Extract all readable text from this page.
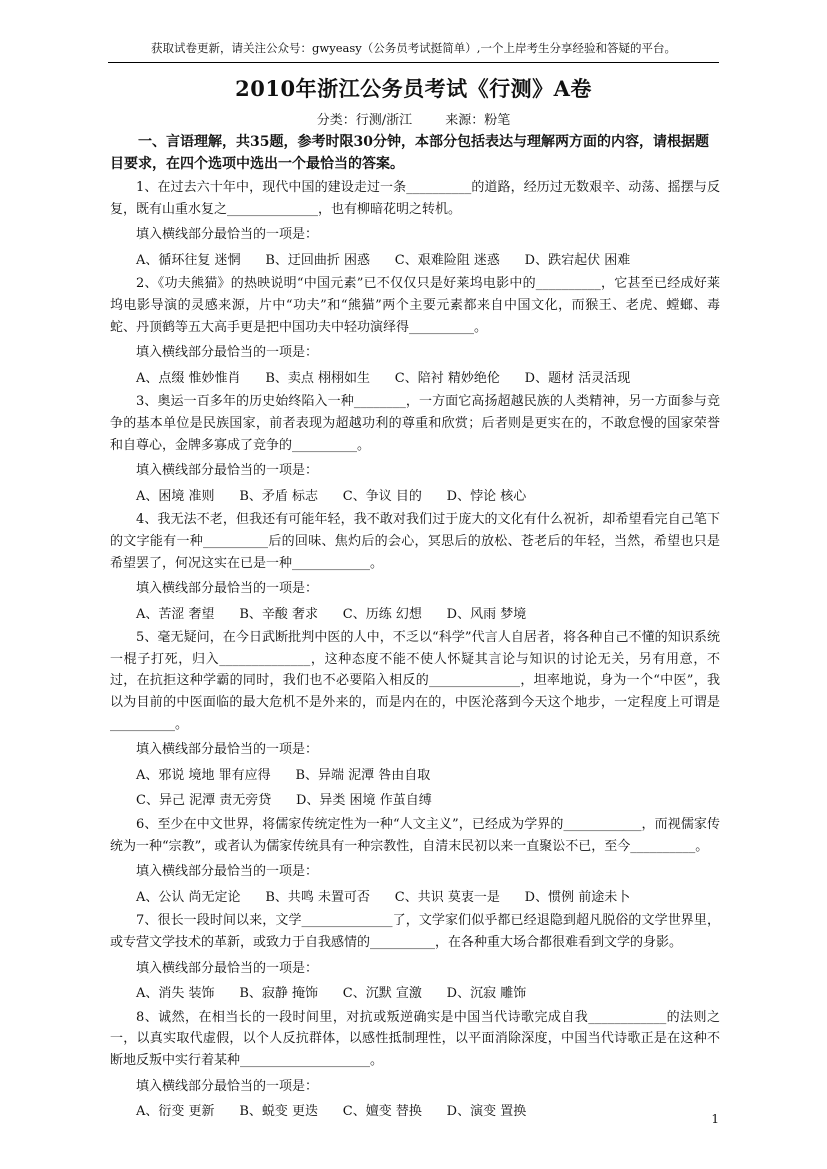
获取试卷更新，请关注公众号：gwyeasy（公务员考试挺简单）,一个上岸考生分享经验和答疑的平台。
2010年浙江公务员考试《行测》A卷
分类：行测/浙江        来源：粉笔

一、言语理解，共35题，参考时限30分钟，本部分包括表达与理解两方面的内容，请根据题目要求，在四个选项中选出一个最恰当的答案。

1、在过去六十年中，现代中国的建设走过一条__________的道路，经历过无数艰辛、动荡、摇摆与反复，既有山重水复之______________，也有柳暗花明之转机。

填入横线部分最恰当的一项是：

A、循环往复 迷惘      B、迂回曲折 困惑      C、艰难险阻 迷惑      D、跌宕起伏 困难

2、《功夫熊猫》的热映说明“中国元素”已不仅仅只是好莱坞电影中的__________，它甚至已经成好莱坞电影导演的灵感来源，片中“功夫”和“熊猫”两个主要元素都来自中国文化，而猴王、老虎、螳螂、毒蛇、丹顶鹤等五大高手更是把中国功夫中轻功演绎得__________。

填入横线部分最恰当的一项是：

A、点缀 惟妙惟肖      B、卖点 栩栩如生      C、陪衬 精妙绝伦      D、题材 活灵活现

3、奥运一百多年的历史始终陷入一种________，一方面它高扬超越民族的人类精神，另一方面参与竞争的基本单位是民族国家，前者表现为超越功利的尊重和欣赏；后者则是更实在的，不敢怠慢的国家荣誉和自尊心，金牌多寡成了竞争的__________。

填入横线部分最恰当的一项是：

A、困境 准则      B、矛盾 标志      C、争议 目的      D、悖论 核心

4、我无法不老，但我还有可能年轻，我不敢对我们过于庞大的文化有什么祝祈，却希望看完自己笔下的文字能有一种__________后的回味、焦灼后的会心，冥思后的放松、苍老后的年轻，当然，希望也只是希望罢了，何况这实在已是一种____________。

填入横线部分最恰当的一项是：

A、苦涩 奢望      B、辛酸 奢求      C、历练 幻想      D、风雨 梦境

5、毫无疑问，在今日武断批判中医的人中，不乏以“科学”代言人自居者，将各种自己不懂的知识系统一棍子打死，归入______________，这种态度不能不使人怀疑其言论与知识的讨论无关，另有用意，不过，在抗拒这种学霸的同时，我们也不必要陷入相反的______________，坦率地说，身为一个“中医”，我以为目前的中医面临的最大危机不是外来的，而是内在的，中医沦落到今天这个地步，一定程度上可谓是__________。

填入横线部分最恰当的一项是：

A、邪说 境地 罪有应得      B、异端 泥潭 咎由自取

C、异己 泥潭 责无旁贷      D、异类 困境 作茧自缚

6、至少在中文世界，将儒家传统定性为一种“人文主义”，已经成为学界的____________，而视儒家传统为一种“宗教”，或者认为儒家传统具有一种宗教性，自清末民初以来一直聚讼不已，至今__________。

填入横线部分最恰当的一项是：

A、公认 尚无定论      B、共鸣 未置可否      C、共识 莫衷一是      D、惯例 前途未卜

7、很长一段时间以来，文学______________了，文学家们似乎都已经退隐到超凡脱俗的文学世界里，或专营文学技术的革新，或致力于自我感情的__________，在各种重大场合都很难看到文学的身影。

填入横线部分最恰当的一项是：

A、消失 装饰      B、寂静 掩饰      C、沉默 宣激      D、沉寂 雕饰

8、诚然，在相当长的一段时间里，对抗或叛逆确实是中国当代诗歌完成自我____________的法则之一，以真实取代虚假，以个人反抗群体，以感性抵制理性，以平面消除深度，中国当代诗歌正是在这种不断地反叛中实行着某种____________________。

填入横线部分最恰当的一项是：

A、衍变 更新      B、蜕变 更迭      C、嬗变 替换      D、演变 置换	1
